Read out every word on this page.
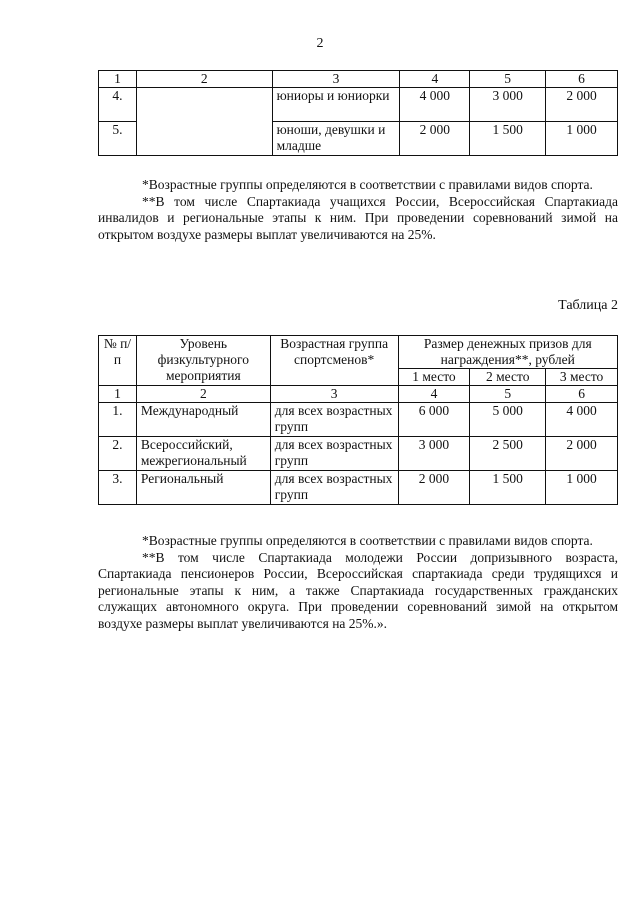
2
1	2	3	4	5	6
4.		юниоры и юниорки	4 000	3 000	2 000
5.		юноши, девушки и младше	2 000	1 500	1 000

*Возрастные группы определяются в соответствии с правилами видов спорта.

**В том числе Спартакиада учащихся России, Всероссийская Спартакиада инвалидов и региональные этапы к ним. При проведении соревнований зимой на открытом воздухе размеры выплат увеличиваются на 25%.

Таблица 2
№ п/п	Уровень физкультурного мероприятия	Возрастная группа спортсменов*	Размер денежных призов для награждения**, рублей		
			1 место	2 место	3 место
1	2	3	4	5	6
1.	Международный	для всех возрастных групп	6 000	5 000	4 000
2.	Всероссийский, межрегиональный	для всех возрастных групп	3 000	2 500	2 000
3.	Региональный	для всех возрастных групп	2 000	1 500	1 000

*Возрастные группы определяются в соответствии с правилами видов спорта.

**В том числе Спартакиада молодежи России допризывного возраста, Спартакиада пенсионеров России, Всероссийская спартакиада среди трудящихся и региональные этапы к ним, а также Спартакиада государственных гражданских служащих автономного округа. При проведении соревнований зимой на открытом воздухе размеры выплат увеличиваются на 25%.».
